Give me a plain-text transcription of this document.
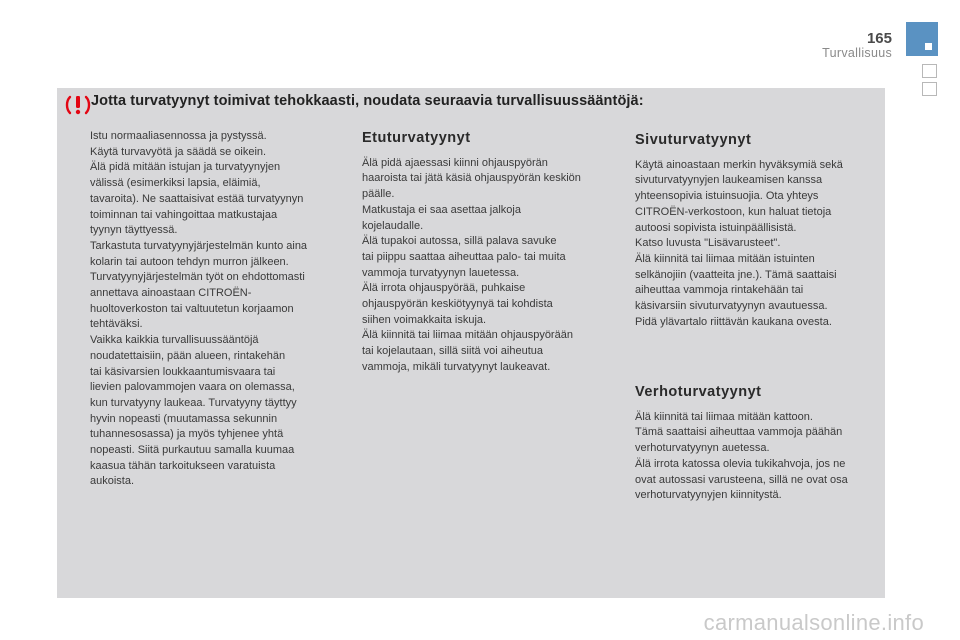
165
Turvallisuus
Jotta turvatyynyt toimivat tehokkaasti, noudata seuraavia turvallisuussääntöjä:

Istu normaaliasennossa ja pystyssä.

Käytä turvavyötä ja säädä se oikein.

Älä pidä mitään istujan ja turvatyynyjen

välissä (esimerkiksi lapsia, eläimiä,

tavaroita). Ne saattaisivat estää turvatyynyn

toiminnan tai vahingoittaa matkustajaa

tyynyn täyttyessä.

Tarkastuta turvatyynyjärjestelmän kunto aina

kolarin tai autoon tehdyn murron jälkeen.

Turvatyynyjärjestelmän työt on ehdottomasti

annettava ainoastaan CITROËN-

huoltoverkoston tai valtuutetun korjaamon

tehtäväksi.

Vaikka kaikkia turvallisuussääntöjä

noudatettaisiin, pään alueen, rintakehän

tai käsivarsien loukkaantumisvaara tai

lievien palovammojen vaara on olemassa,

kun turvatyyny laukeaa. Turvatyyny täyttyy

hyvin nopeasti (muutamassa sekunnin

tuhannesosassa) ja myös tyhjenee yhtä

nopeasti. Siitä purkautuu samalla kuumaa

kaasua tähän tarkoitukseen varatuista

aukoista.

Etuturvatyynyt

Älä pidä ajaessasi kiinni ohjauspyörän

haaroista tai jätä käsiä ohjauspyörän keskiön

päälle.

Matkustaja ei saa asettaa jalkoja

kojelaudalle.

Älä tupakoi autossa, sillä palava savuke

tai piippu saattaa aiheuttaa palo- tai muita

vammoja turvatyynyn lauetessa.

Älä irrota ohjauspyörää, puhkaise

ohjauspyörän keskiötyynyä tai kohdista

siihen voimakkaita iskuja.

Älä kiinnitä tai liimaa mitään ohjauspyörään

tai kojelautaan, sillä siitä voi aiheutua

vammoja, mikäli turvatyynyt laukeavat.

Sivuturvatyynyt

Käytä ainoastaan merkin hyväksymiä sekä

sivuturvatyynyjen laukeamisen kanssa

yhteensopivia istuinsuojia. Ota yhteys

CITROËN-verkostoon, kun haluat tietoja

autoosi sopivista istuinpäällisistä.

Katso luvusta "Lisävarusteet".

Älä kiinnitä tai liimaa mitään istuinten

selkänojiin (vaatteita jne.). Tämä saattaisi

aiheuttaa vammoja rintakehään tai

käsivarsiin sivuturvatyynyn avautuessa.

Pidä ylävartalo riittävän kaukana ovesta.

Verhoturvatyynyt

Älä kiinnitä tai liimaa mitään kattoon.

Tämä saattaisi aiheuttaa vammoja päähän

verhoturvatyynyn auetessa.

Älä irrota katossa olevia tukikahvoja, jos ne

ovat autossasi varusteena, sillä ne ovat osa

verhoturvatyynyjen kiinnitystä.

carmanualsonline.info
